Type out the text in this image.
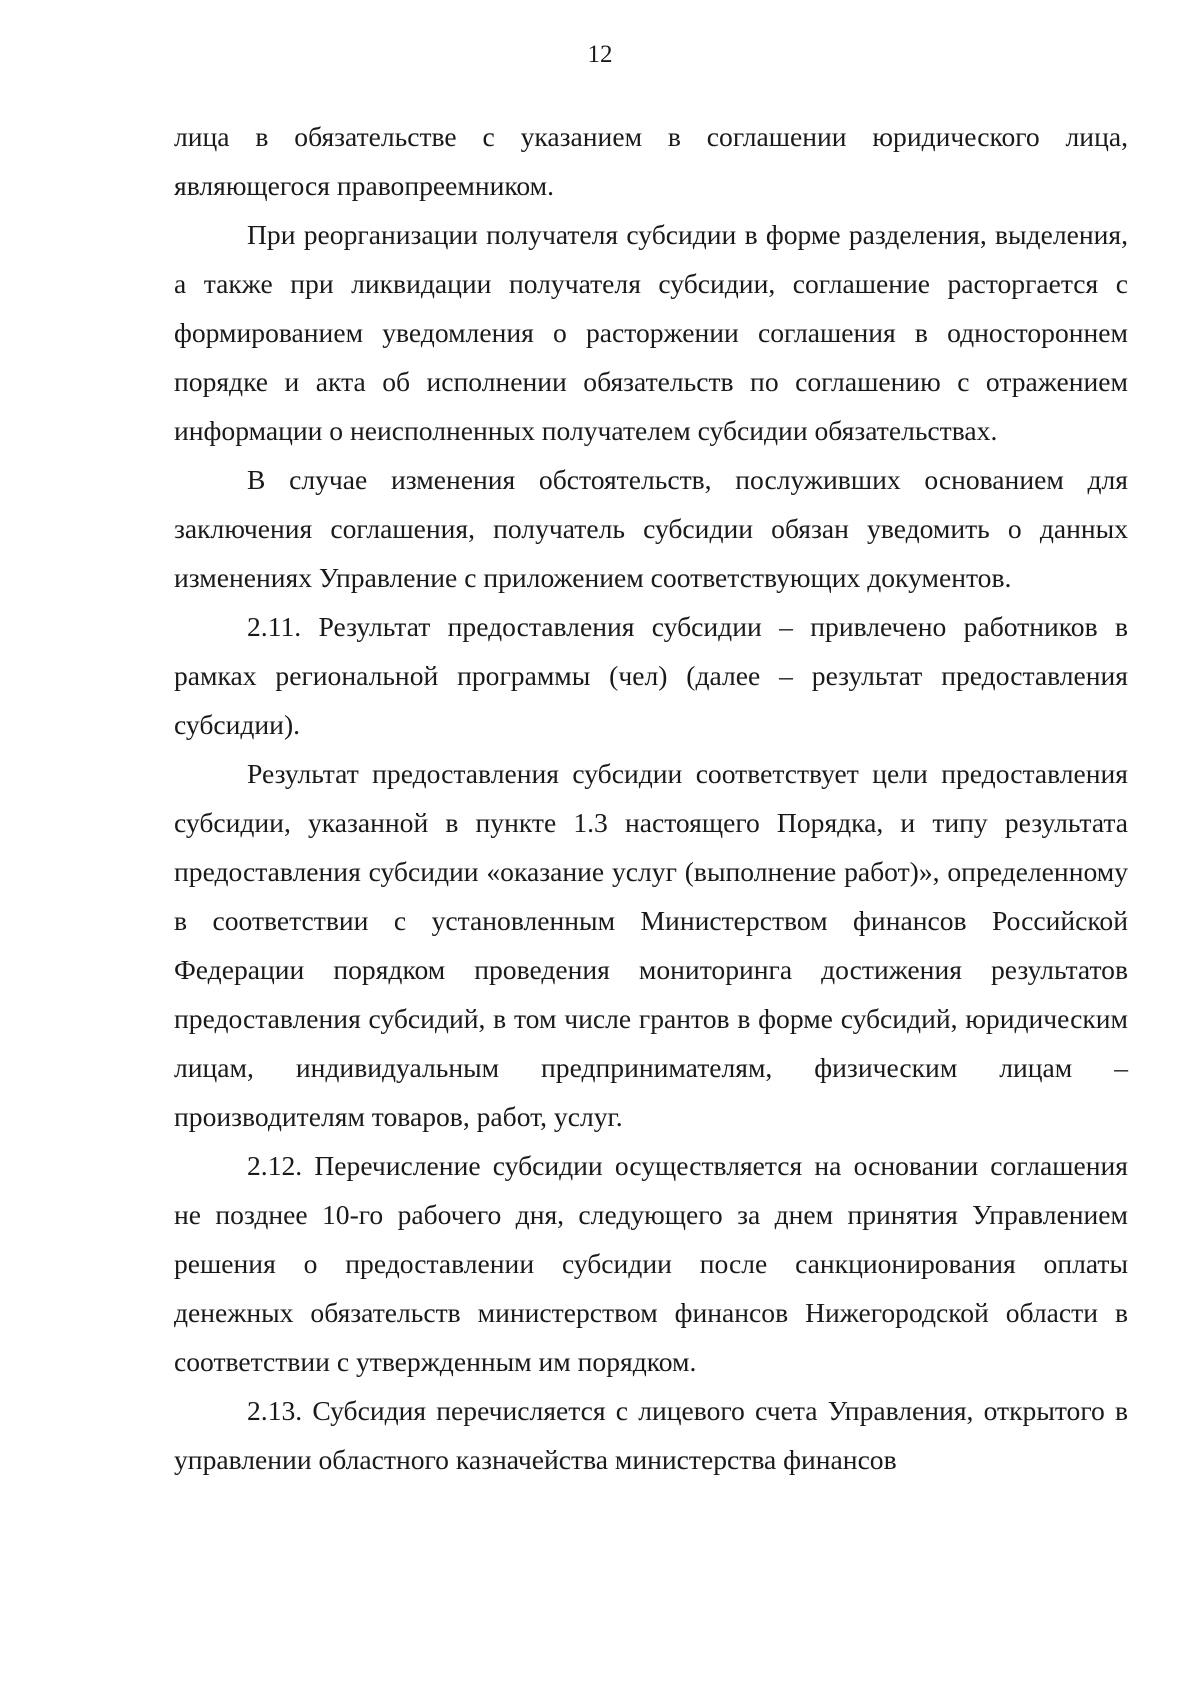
12

лица в обязательстве с указанием в соглашении юридического лица, являющегося правопреемником.

При реорганизации получателя субсидии в форме разделения, выделения, а также при ликвидации получателя субсидии, соглашение расторгается с формированием уведомления о расторжении соглашения в одностороннем порядке и акта об исполнении обязательств по соглашению с отражением информации о неисполненных получателем субсидии обязательствах.

В случае изменения обстоятельств, послуживших основанием для заключения соглашения, получатель субсидии обязан уведомить о данных изменениях Управление с приложением соответствующих документов.

2.11. Результат предоставления субсидии – привлечено работников в рамках региональной программы (чел) (далее – результат предоставления субсидии).

Результат предоставления субсидии соответствует цели предоставления субсидии, указанной в пункте 1.3 настоящего Порядка, и типу результата предоставления субсидии «оказание услуг (выполнение работ)», определенному в соответствии с установленным Министерством финансов Российской Федерации порядком проведения мониторинга достижения результатов предоставления субсидий, в том числе грантов в форме субсидий, юридическим лицам, индивидуальным предпринимателям, физическим лицам – производителям товаров, работ, услуг.

2.12. Перечисление субсидии осуществляется на основании соглашения не позднее 10-го рабочего дня, следующего за днем принятия Управлением решения о предоставлении субсидии после санкционирования оплаты денежных обязательств министерством финансов Нижегородской области в соответствии с утвержденным им порядком.

2.13. Субсидия перечисляется с лицевого счета Управления, открытого в управлении областного казначейства министерства финансов
